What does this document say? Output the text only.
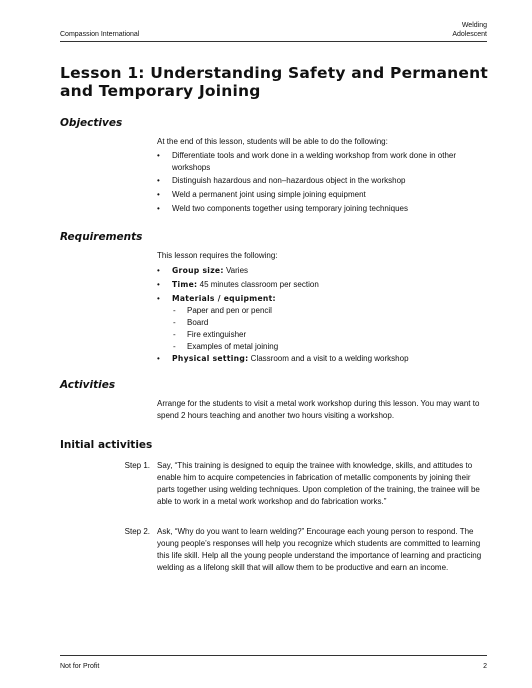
Compassion International
Welding
Adolescent
Lesson 1: Understanding Safety and Permanent and Temporary Joining
Objectives

At the end of this lesson, students will be able to do the following:

• Differentiate tools and work done in a welding workshop from work done in other workshops
• Distinguish hazardous and non–hazardous object in the workshop
• Weld a permanent joint using simple joining equipment
• Weld two components together using temporary joining techniques
Requirements

This lesson requires the following:

• Group size: Varies
• Time: 45 minutes classroom per section
• Materials / equipment:
- Paper and pen or pencil
- Board
- Fire extinguisher
- Examples of metal joining
• Physical setting: Classroom and a visit to a welding workshop
Activities

Arrange for the students to visit a metal work workshop during this lesson. You may want to spend 2 hours teaching and another two hours visiting a workshop.

Initial activities
Step 1. Say, “This training is designed to equip the trainee with knowledge, skills, and attitudes to enable him to acquire competencies in fabrication of metallic components by joining their parts together using welding techniques. Upon completion of the training, the trainee will be able to work in a metal work workshop and do fabrication works.”
Step 2. Ask, “Why do you want to learn welding?” Encourage each young person to respond. The young people’s responses will help you recognize which students are committed to learning this life skill. Help all the young people understand the importance of learning and practicing welding as a lifelong skill that will allow them to be productive and earn an income.
Not for Profit	2
